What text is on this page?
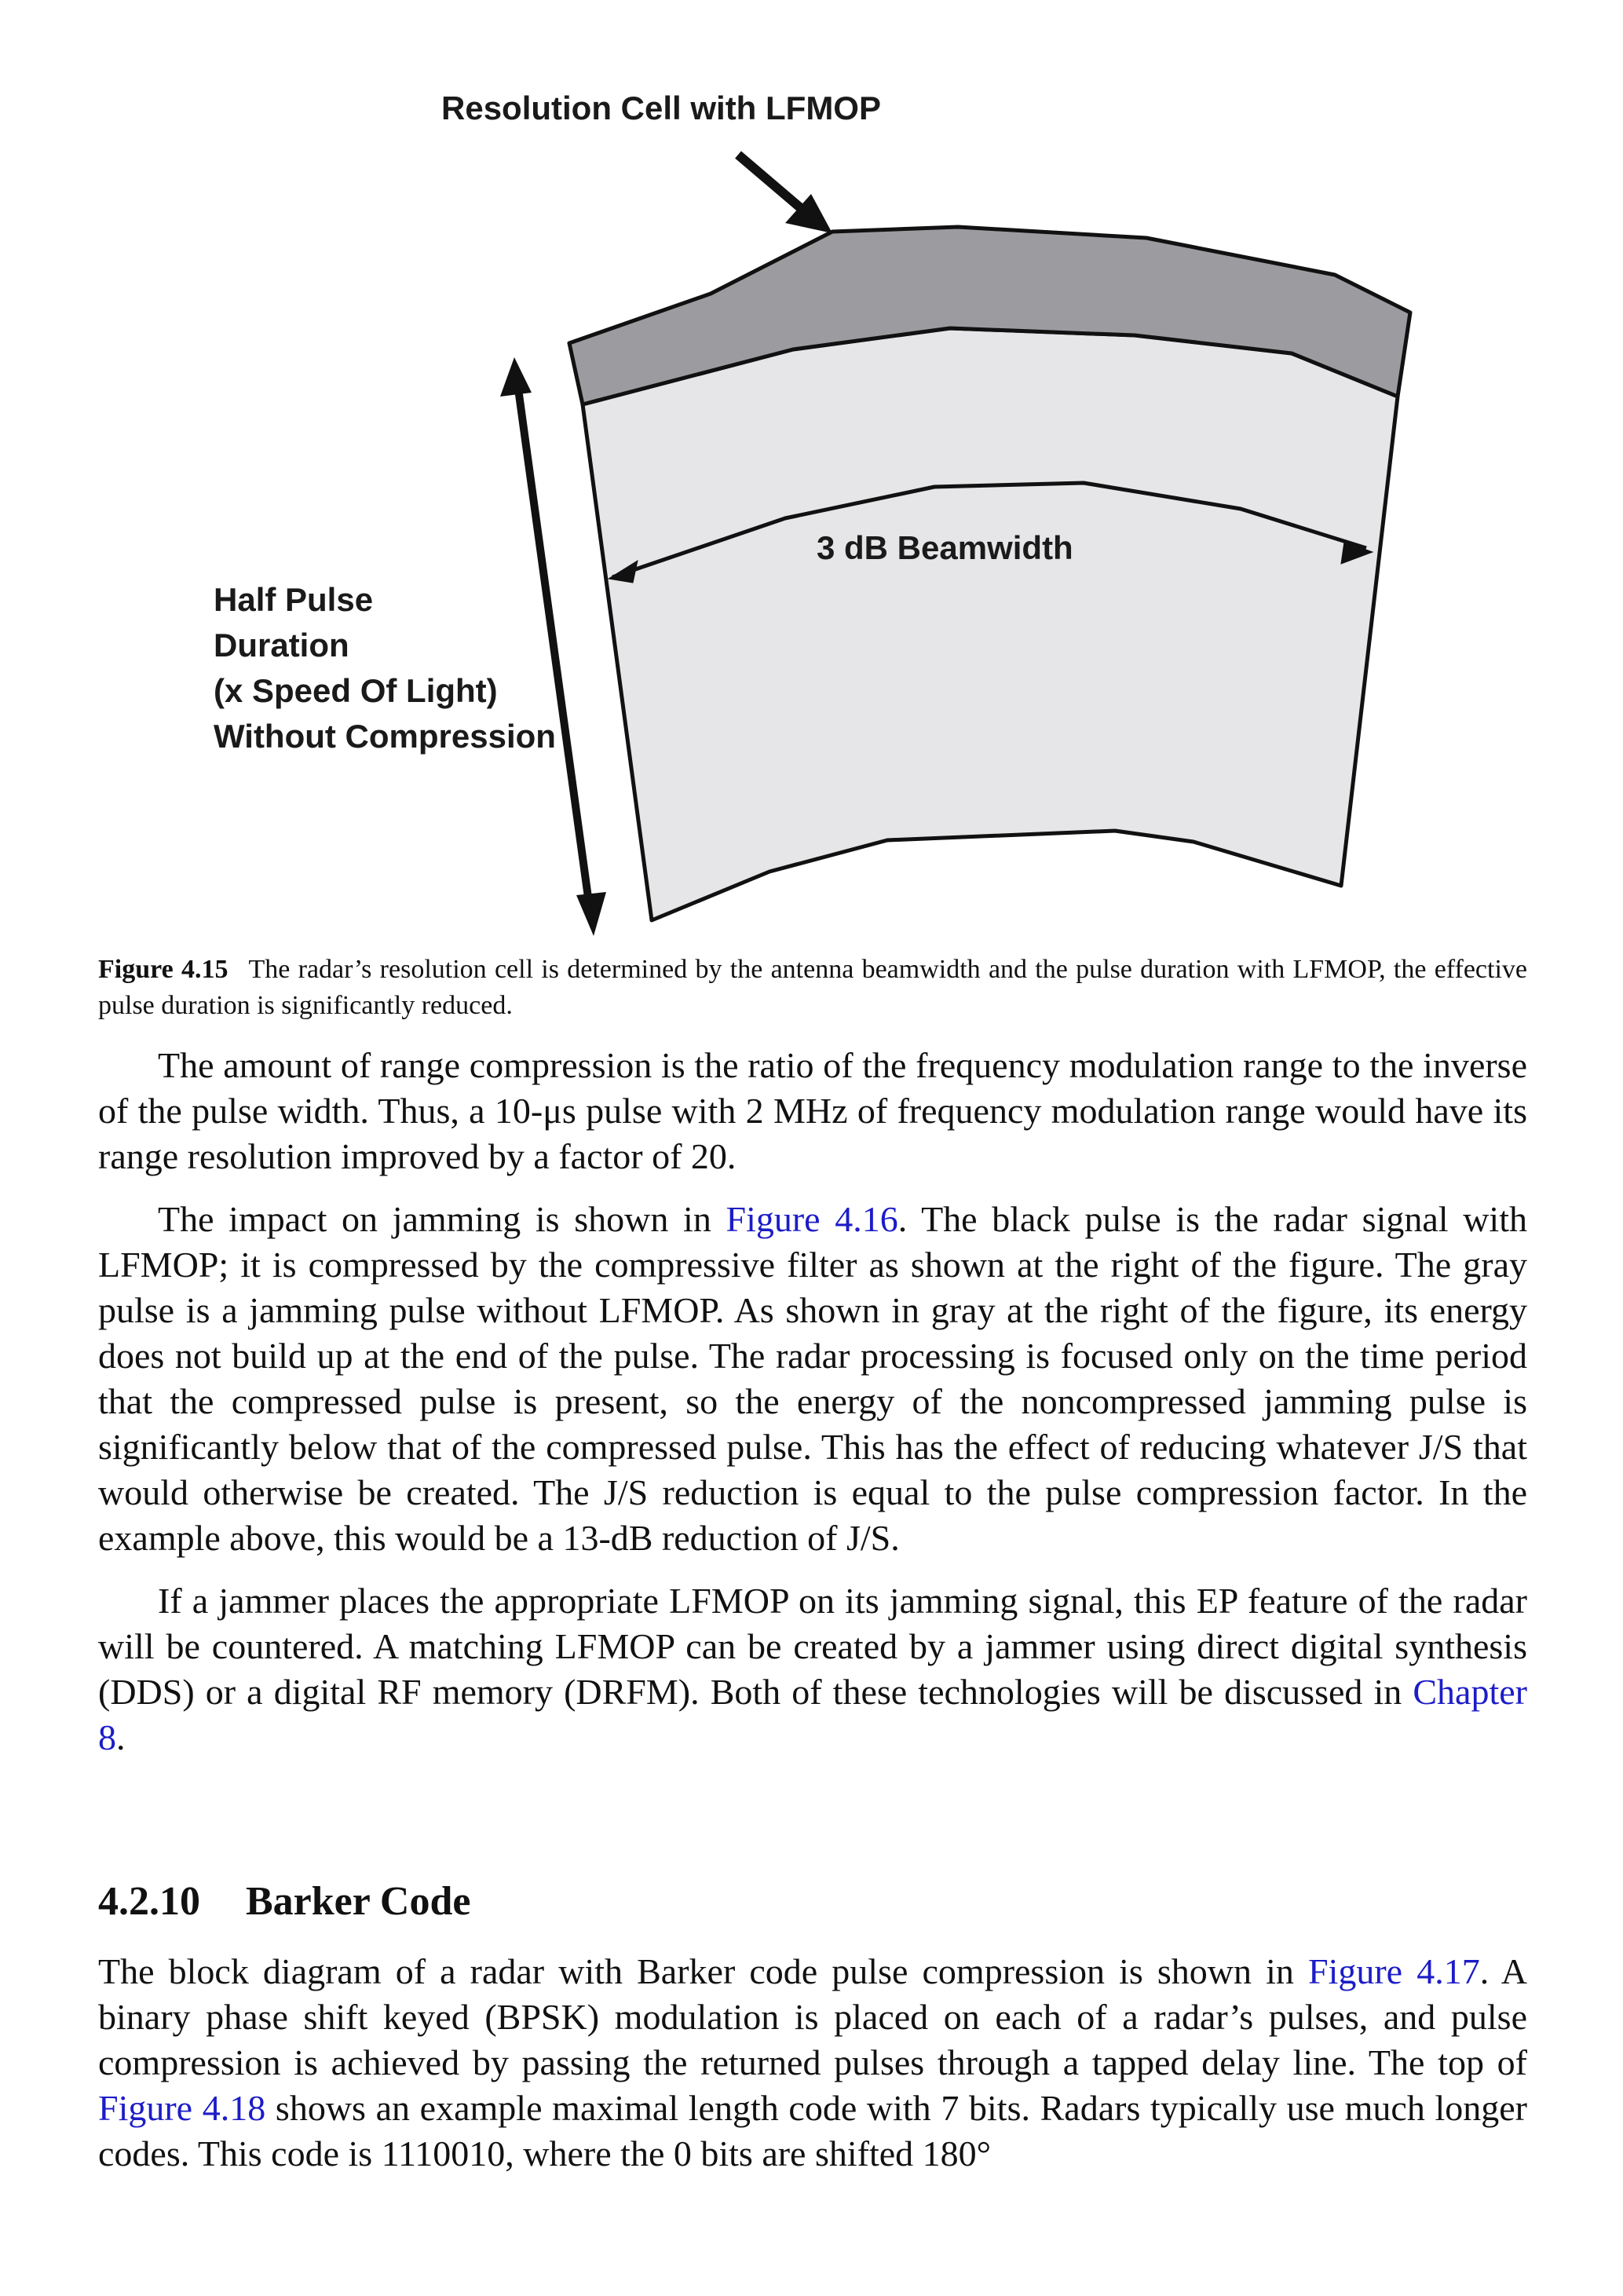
Resolution Cell with LFMOP
3 dB Beamwidth
Half Pulse
Duration
(x Speed Of Light)
Without Compression
Figure 4.15 The radar’s resolution cell is determined by the antenna beamwidth and the pulse duration with LFMOP, the effective pulse duration is significantly reduced.

The amount of range compression is the ratio of the frequency modulation range to the inverse of the pulse width. Thus, a 10-μs pulse with 2 MHz of frequency modulation range would have its range resolution improved by a factor of 20.

The impact on jamming is shown in Figure 4.16. The black pulse is the radar signal with LFMOP; it is compressed by the compressive filter as shown at the right of the figure. The gray pulse is a jamming pulse without LFMOP. As shown in gray at the right of the figure, its energy does not build up at the end of the pulse. The radar processing is focused only on the time period that the compressed pulse is present, so the energy of the noncompressed jamming pulse is significantly below that of the compressed pulse. This has the effect of reducing whatever J/S that would otherwise be created. The J/S reduction is equal to the pulse compression factor. In the example above, this would be a 13-dB reduction of J/S.

If a jammer places the appropriate LFMOP on its jamming signal, this EP feature of the radar will be countered. A matching LFMOP can be created by a jammer using direct digital synthesis (DDS) or a digital RF memory (DRFM). Both of these technologies will be discussed in Chapter 8.

4.2.10 Barker Code

The block diagram of a radar with Barker code pulse compression is shown in Figure 4.17. A binary phase shift keyed (BPSK) modulation is placed on each of a radar’s pulses, and pulse compression is achieved by passing the returned pulses through a tapped delay line. The top of Figure 4.18 shows an example maximal length code with 7 bits. Radars typically use much longer codes. This code is 1110010, where the 0 bits are shifted 180°
